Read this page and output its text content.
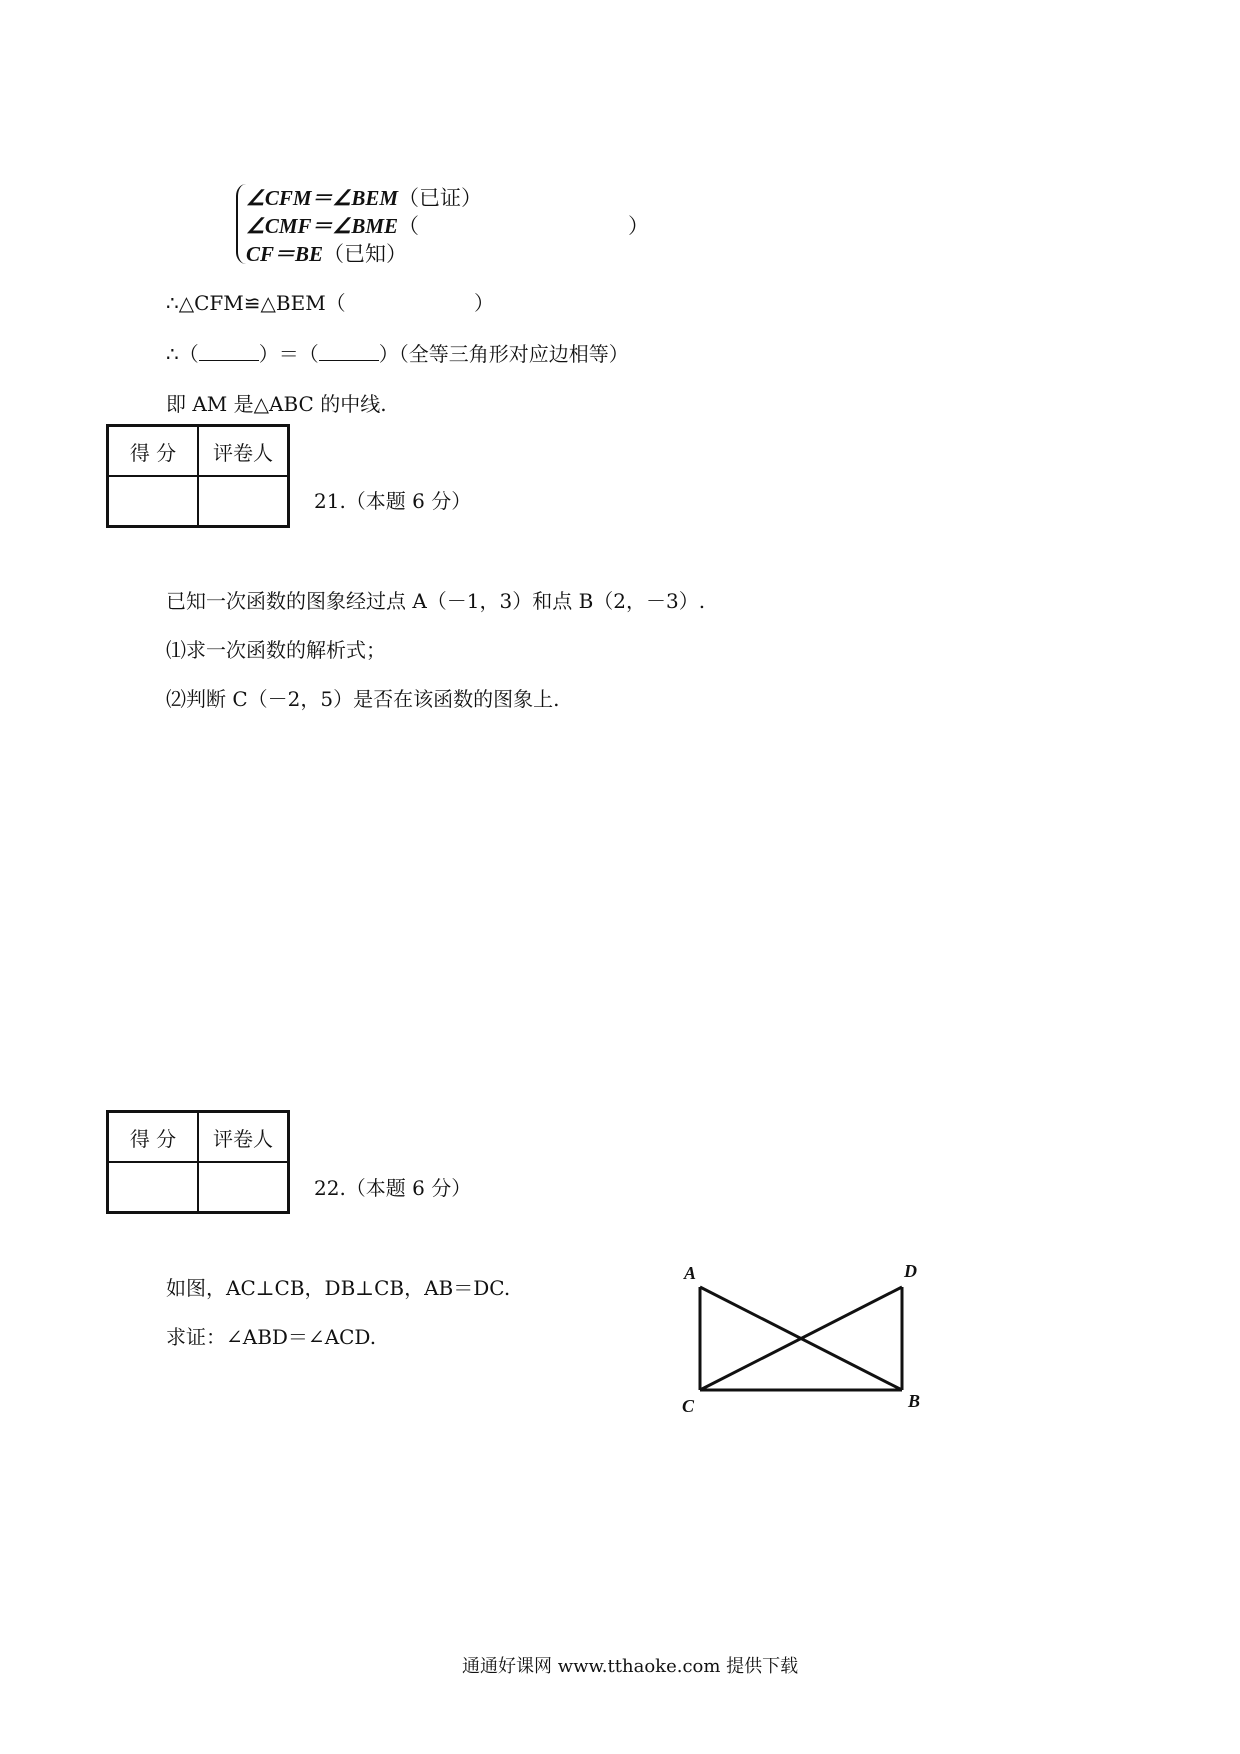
∠CFM＝∠BEM（已证）
∠CMF＝∠BME（	）
CF＝BE（已知）
∴△CFM≌△BEM（	）
∴（	）＝（	）（全等三角形对应边相等）
即 AM 是△ABC 的中线.
得 分	评卷人

21.（本题 6 分）
已知一次函数的图象经过点 A（－1，3）和点 B（2，－3）.
⑴求一次函数的解析式；
⑵判断 C（－2，5）是否在该函数的图象上.
得 分	评卷人

22.（本题 6 分）
如图，AC⊥CB，DB⊥CB，AB＝DC.
求证：∠ABD＝∠ACD.
A	D
C	B
通通好课网 www.tthaoke.com 提供下载
